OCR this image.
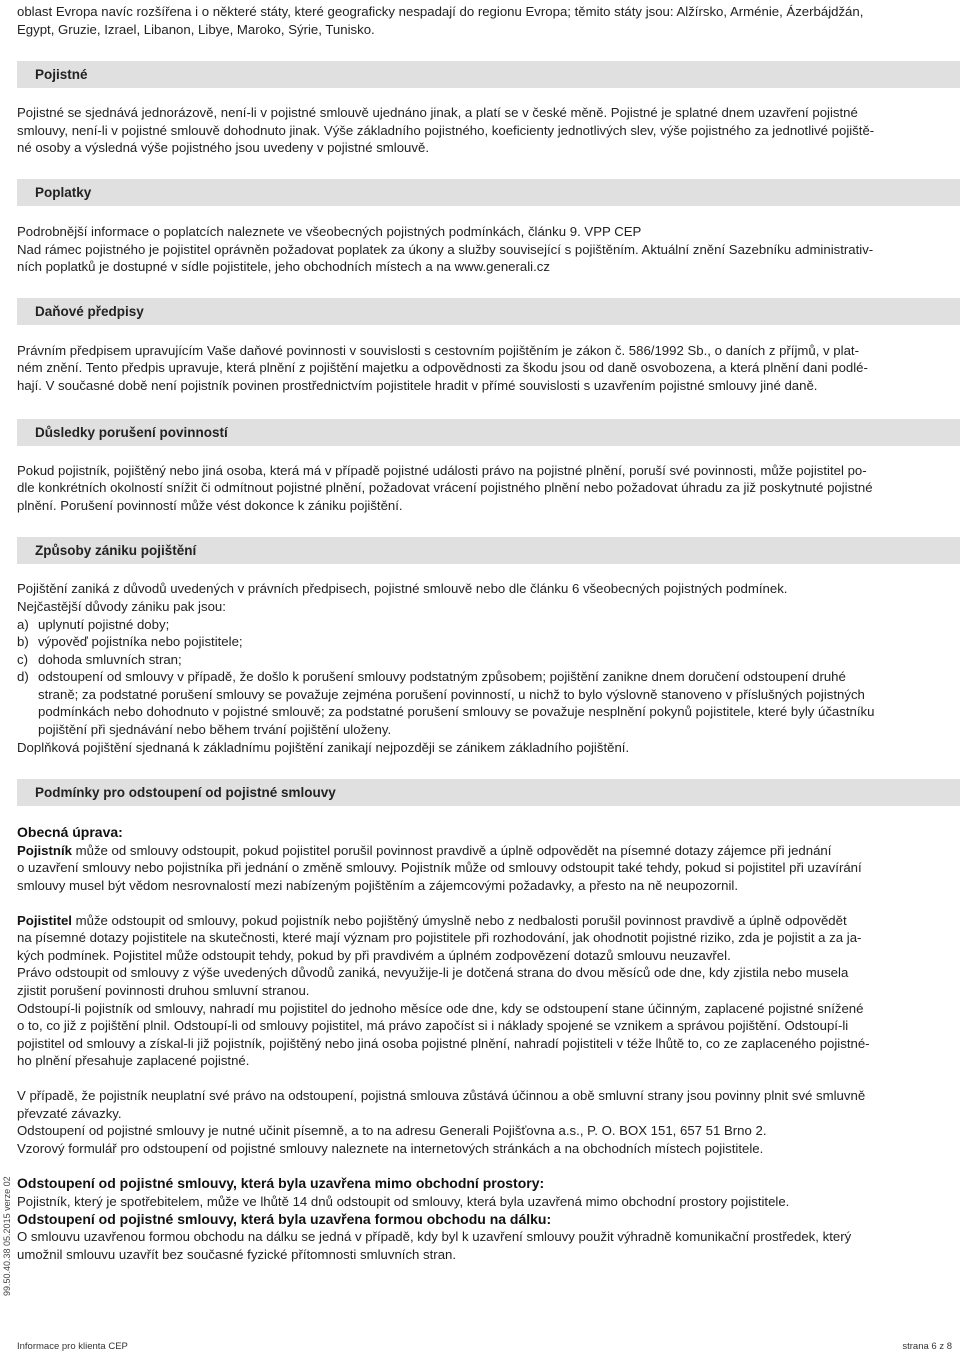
oblast Evropa navíc rozšířena i o některé státy, které geograficky nespadají do regionu Evropa; těmito státy jsou: Alžírsko, Arménie, Ázerbájdžán,
Egypt, Gruzie, Izrael, Libanon, Libye, Maroko, Sýrie, Tunisko.

Pojistné

Pojistné se sjednává jednorázově, není-li v pojistné smlouvě ujednáno jinak, a platí se v české měně. Pojistné je splatné dnem uzavření pojistné
smlouvy, není-li v pojistné smlouvě dohodnuto jinak. Výše základního pojistného, koeficienty jednotlivých slev, výše pojistného za jednotlivé pojiště-
né osoby a výsledná výše pojistného jsou uvedeny v pojistné smlouvě.

Poplatky

Podrobnější informace o poplatcích naleznete ve všeobecných pojistných podmínkách, článku 9. VPP CEP
Nad rámec pojistného je pojistitel oprávněn požadovat poplatek za úkony a služby související s pojištěním. Aktuální znění Sazebníku administrativ-
ních poplatků je dostupné v sídle pojistitele, jeho obchodních místech a na www.generali.cz

Daňové předpisy

Právním předpisem upravujícím Vaše daňové povinnosti v souvislosti s cestovním pojištěním je zákon č. 586/1992 Sb., o daních z příjmů, v plat-
ném znění. Tento předpis upravuje, která plnění z pojištění majetku a odpovědnosti za škodu jsou od daně osvobozena, a která plnění dani podlé-
hají. V současné době není pojistník povinen prostřednictvím pojistitele hradit v přímé souvislosti s uzavřením pojistné smlouvy jiné daně.

Důsledky porušení povinností

Pokud pojistník, pojištěný nebo jiná osoba, která má v případě pojistné události právo na pojistné plnění, poruší své povinnosti, může pojistitel po-
dle konkrétních okolností snížit či odmítnout pojistné plnění, požadovat vrácení pojistného plnění nebo požadovat úhradu za již poskytnuté pojistné
plnění. Porušení povinností může vést dokonce k zániku pojištění.

Způsoby zániku pojištění

Pojištění zaniká z důvodů uvedených v právních předpisech, pojistné smlouvě nebo dle článku 6 všeobecných pojistných podmínek.
Nejčastější důvody zániku pak jsou:

a) uplynutí pojistné doby;
b) výpověď pojistníka nebo pojistitele;
c) dohoda smluvních stran;
d) odstoupení od smlouvy v případě, že došlo k porušení smlouvy podstatným způsobem; pojištění zanikne dnem doručení odstoupení druhé
straně; za podstatné porušení smlouvy se považuje zejména porušení povinností, u nichž to bylo výslovně stanoveno v příslušných pojistných
podmínkách nebo dohodnuto v pojistné smlouvě; za podstatné porušení smlouvy se považuje nesplnění pokynů pojistitele, které byly účastníku
pojištění při sjednávání nebo během trvání pojištění uloženy.

Doplňková pojištění sjednaná k základnímu pojištění zanikají nejpozději se zánikem základního pojištění.

Podmínky pro odstoupení od pojistné smlouvy

Obecná úprava:

Pojistník může od smlouvy odstoupit, pokud pojistitel porušil povinnost pravdivě a úplně odpovědět na písemné dotazy zájemce při jednání
o uzavření smlouvy nebo pojistníka při jednání o změně smlouvy. Pojistník může od smlouvy odstoupit také tehdy, pokud si pojistitel při uzavírání
smlouvy musel být vědom nesrovnalostí mezi nabízeným pojištěním a zájemcovými požadavky, a přesto na ně neupozornil.

Pojistitel může odstoupit od smlouvy, pokud pojistník nebo pojištěný úmyslně nebo z nedbalosti porušil povinnost pravdivě a úplně odpovědět
na písemné dotazy pojistitele na skutečnosti, které mají význam pro pojistitele při rozhodování, jak ohodnotit pojistné riziko, zda je pojistit a za ja-
kých podmínek. Pojistitel může odstoupit tehdy, pokud by při pravdivém a úplném zodpovězení dotazů smlouvu neuzavřel.
Právo odstoupit od smlouvy z výše uvedených důvodů zaniká, nevyužije-li je dotčená strana do dvou měsíců ode dne, kdy zjistila nebo musela
zjistit porušení povinnosti druhou smluvní stranou.
Odstoupí-li pojistník od smlouvy, nahradí mu pojistitel do jednoho měsíce ode dne, kdy se odstoupení stane účinným, zaplacené pojistné snížené
o to, co již z pojištění plnil. Odstoupí-li od smlouvy pojistitel, má právo započíst si i náklady spojené se vznikem a správou pojištění. Odstoupí-li
pojistitel od smlouvy a získal-li již pojistník, pojištěný nebo jiná osoba pojistné plnění, nahradí pojistiteli v téže lhůtě to, co ze zaplaceného pojistné-
ho plnění přesahuje zaplacené pojistné.

V případě, že pojistník neuplatní své právo na odstoupení, pojistná smlouva zůstává účinnou a obě smluvní strany jsou povinny plnit své smluvně
převzaté závazky.
Odstoupení od pojistné smlouvy je nutné učinit písemně, a to na adresu Generali Pojišťovna a.s., P. O. BOX 151, 657 51 Brno 2.
Vzorový formulář pro odstoupení od pojistné smlouvy naleznete na internetových stránkách a na obchodních místech pojistitele.

Odstoupení od pojistné smlouvy, která byla uzavřena mimo obchodní prostory:

Pojistník, který je spotřebitelem, může ve lhůtě 14 dnů odstoupit od smlouvy, která byla uzavřená mimo obchodní prostory pojistitele.

Odstoupení od pojistné smlouvy, která byla uzavřena formou obchodu na dálku:

O smlouvu uzavřenou formou obchodu na dálku se jedná v případě, kdy byl k uzavření smlouvy použit výhradně komunikační prostředek, který
umožnil smlouvu uzavřít bez současné fyzické přítomnosti smluvních stran.

99.50.40.38 05.2015 verze 02
Informace pro klienta CEP	strana 6 z 8
